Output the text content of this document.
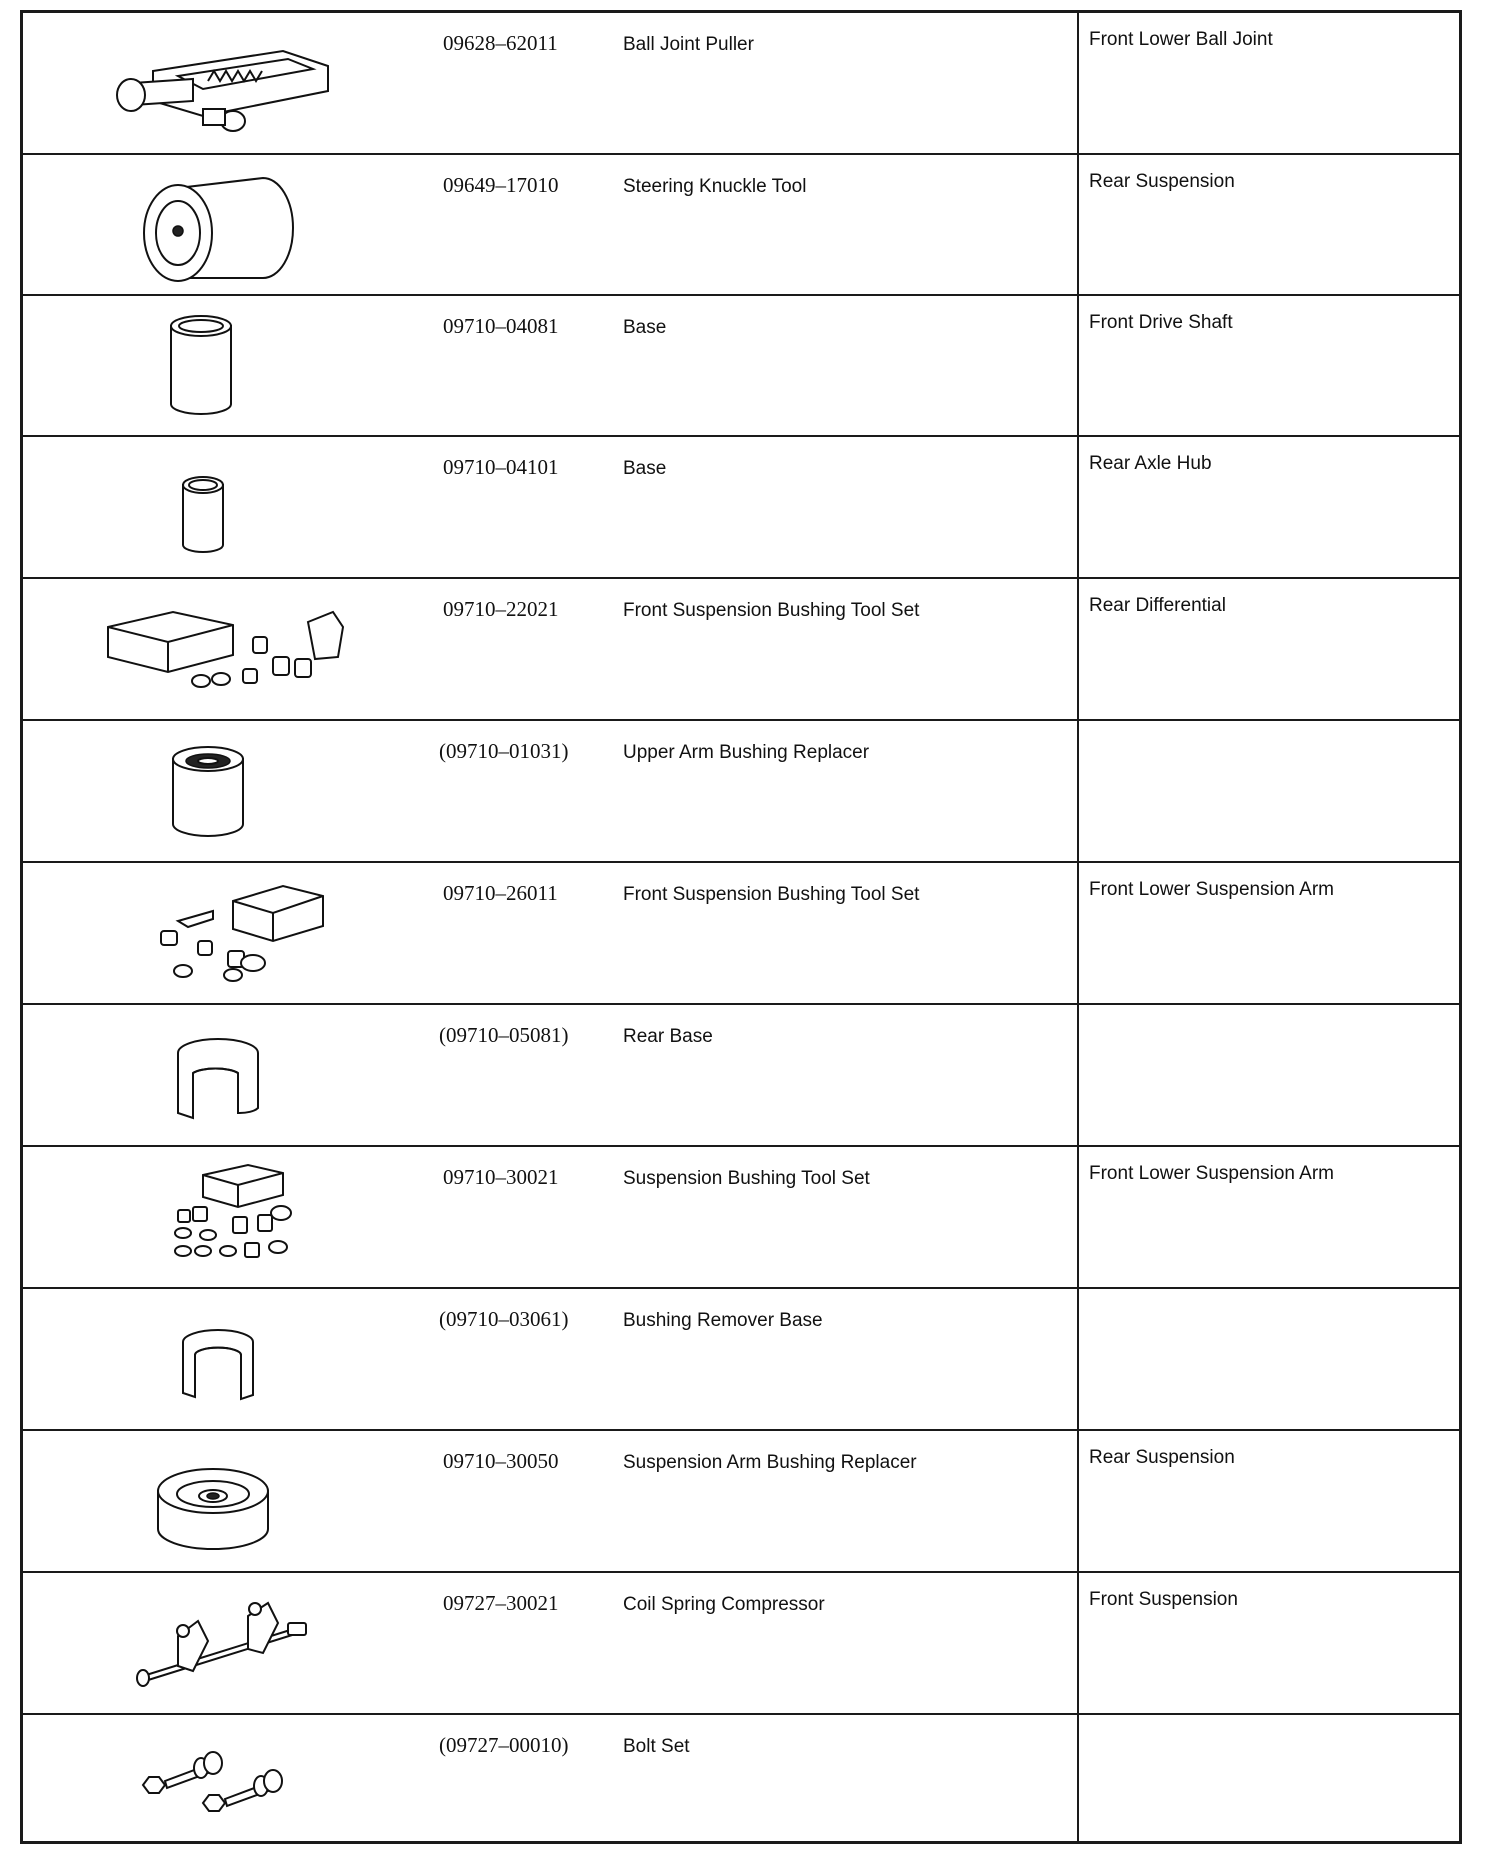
09628–62011	Ball Joint Puller	Front Lower Ball Joint
09649–17010	Steering Knuckle Tool	Rear Suspension
09710–04081	Base	Front Drive Shaft
09710–04101	Base	Rear Axle Hub
09710–22021	Front Suspension Bushing Tool Set	Rear Differential
(09710–01031)	Upper Arm Bushing Replacer
09710–26011	Front Suspension Bushing Tool Set	Front Lower Suspension Arm
(09710–05081)	Rear Base
09710–30021	Suspension Bushing Tool Set	Front Lower Suspension Arm
(09710–03061)	Bushing Remover Base
09710–30050	Suspension Arm Bushing Replacer	Rear Suspension
09727–30021	Coil Spring Compressor	Front Suspension
(09727–00010)	Bolt Set
